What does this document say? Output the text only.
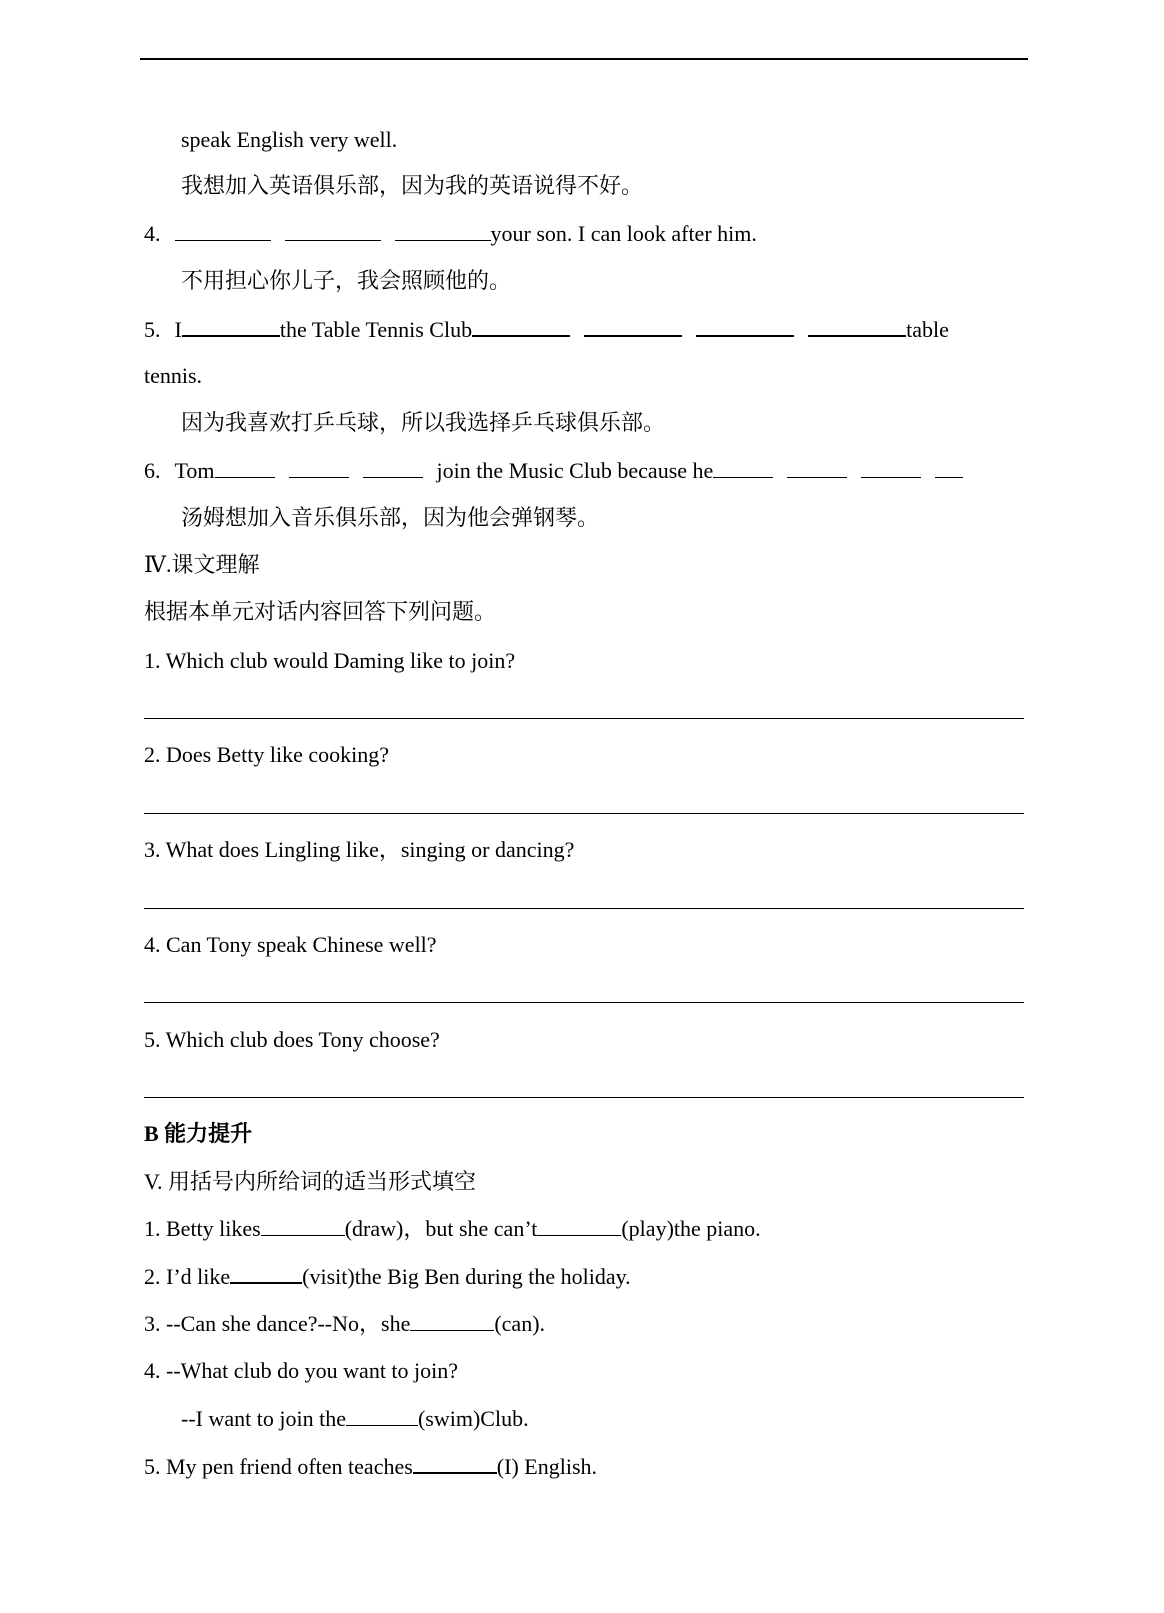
speak English very well.
我想加入英语俱乐部，因为我的英语说得不好。
4.	your son. I can look after him.
不用担心你儿子，我会照顾他的。
5. I	the Table Tennis Club	table
tennis.
因为我喜欢打乒乓球，所以我选择乒乓球俱乐部。
6. Tom	join the Music Club because he
汤姆想加入音乐俱乐部，因为他会弹钢琴。
Ⅳ.课文理解
根据本单元对话内容回答下列问题。
1. Which club would Daming like to join?
2. Does Betty like cooking?
3. What does Lingling like，singing or dancing?
4. Can Tony speak Chinese well?
5. Which club does Tony choose?
B 能力提升
V. 用括号内所给词的适当形式填空
1. Betty likes	(draw)，but she can’t	(play)the piano.
2. I’d like	(visit)the Big Ben during the holiday.
3. --Can she dance?--No，she	(can).
4. --What club do you want to join?
--I want to join the	(swim)Club.
5. My pen friend often teaches	(I) English.
